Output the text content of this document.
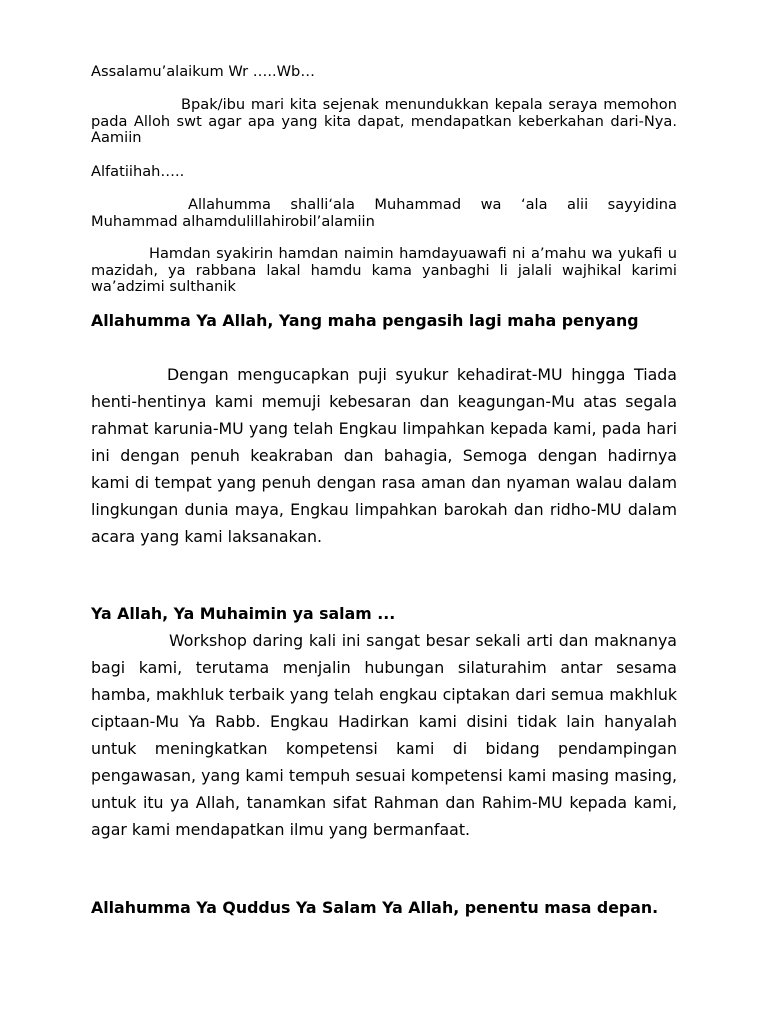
Assalamu’alaikum Wr …..Wb…

Bpak/ibu mari kita sejenak menundukkan kepala seraya memohon pada Alloh swt agar apa yang kita dapat, mendapatkan keberkahan dari-Nya. Aamiin

Alfatiihah…..

Allahumma shalli‘ala Muhammad wa ‘ala alii sayyidina Muhammad alhamdulillahirobil’alamiin

Hamdan syakirin hamdan naimin hamdayuawafi ni a’mahu wa yukafi u mazidah, ya rabbana lakal hamdu kama yanbaghi li jalali wajhikal karimi wa’adzimi sulthanik

Allahumma Ya Allah, Yang maha pengasih lagi maha penyang

Dengan mengucapkan puji syukur kehadirat-MU hingga Tiada henti-hentinya kami memuji kebesaran dan keagungan-Mu atas segala rahmat karunia-MU yang telah Engkau limpahkan kepada kami, pada hari ini dengan penuh keakraban dan bahagia, Semoga dengan hadirnya kami di tempat yang penuh dengan rasa aman dan nyaman walau dalam lingkungan dunia maya, Engkau limpahkan barokah dan ridho-MU dalam acara yang kami laksanakan.

Ya Allah, Ya Muhaimin ya salam ...

Workshop daring kali ini sangat besar sekali arti dan maknanya bagi kami, terutama menjalin hubungan silaturahim antar sesama hamba, makhluk terbaik yang telah engkau ciptakan dari semua makhluk ciptaan-Mu Ya Rabb. Engkau Hadirkan kami disini tidak lain hanyalah untuk meningkatkan kompetensi kami di bidang pendampingan pengawasan, yang kami tempuh sesuai kompetensi kami masing masing, untuk itu ya Allah, tanamkan sifat Rahman dan Rahim-MU kepada kami, agar kami mendapatkan ilmu yang bermanfaat.

Allahumma Ya Quddus Ya Salam Ya Allah, penentu masa depan.
